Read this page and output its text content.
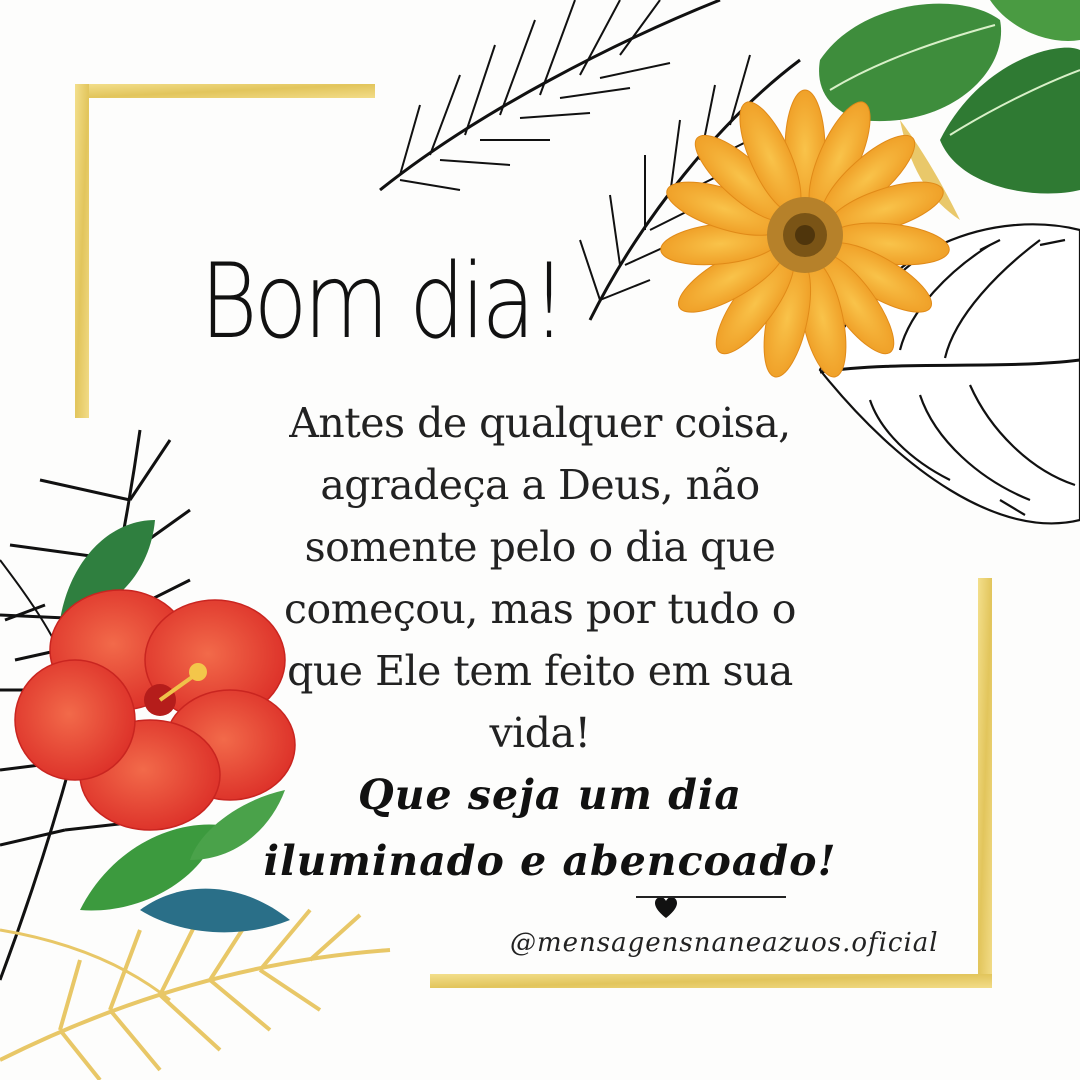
Bom dia!
Antes de qualquer coisa,
agradeça a Deus, não
somente pelo o dia que
começou, mas por tudo o
que Ele tem feito em sua
vida!
Que seja um dia
iluminado e abencoado!
@mensagensnaneazuos.oficial
